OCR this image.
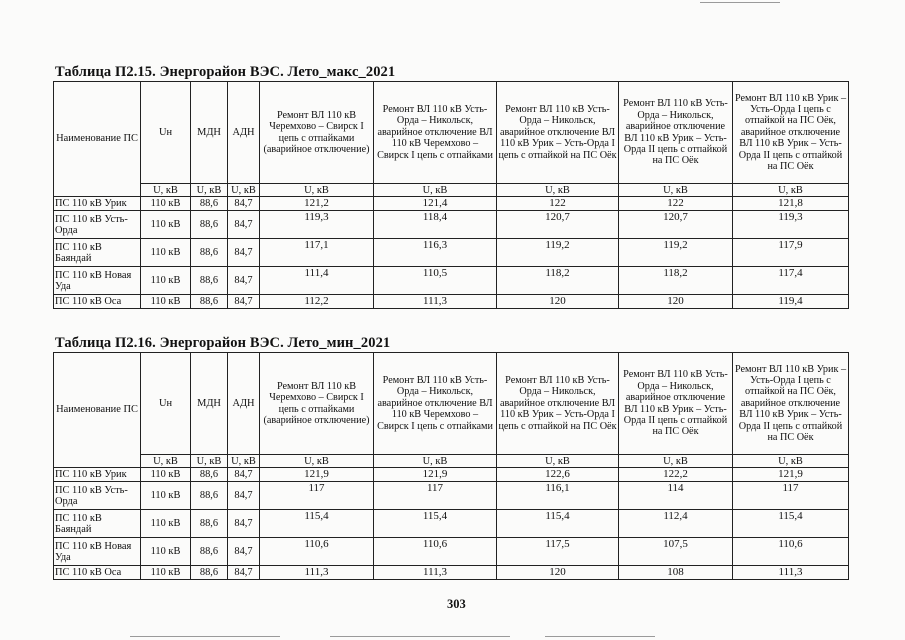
Таблица П2.15. Энергорайон ВЭС. Лето_макс_2021
Наименование ПС	Uн	МДН	АДН	Ремонт ВЛ 110 кВ Черемхово – Свирск I цепь с отпайками (аварийное отключение)	Ремонт ВЛ 110 кВ Усть-Орда – Никольск, аварийное отключение ВЛ 110 кВ Черемхово – Свирск I цепь с отпайками	Ремонт ВЛ 110 кВ Усть-Орда – Никольск, аварийное отключение ВЛ 110 кВ Урик – Усть-Орда I цепь с отпайкой на ПС Оёк	Ремонт ВЛ 110 кВ Усть-Орда – Никольск, аварийное отключение ВЛ 110 кВ Урик – Усть-Орда II цепь с отпайкой на ПС Оёк	Ремонт ВЛ 110 кВ Урик – Усть-Орда I цепь с отпайкой на ПС Оёк, аварийное отключение ВЛ 110 кВ Урик – Усть-Орда II цепь с отпайкой на ПС Оёк
	U, кВ	U, кВ	U, кВ	U, кВ	U, кВ	U, кВ	U, кВ	U, кВ
ПС 110 кВ Урик	110 кВ	88,6	84,7	121,2	121,4	122	122	121,8
ПС 110 кВ Усть-Орда	110 кВ	88,6	84,7	119,3	118,4	120,7	120,7	119,3
ПС 110 кВ Баяндай	110 кВ	88,6	84,7	117,1	116,3	119,2	119,2	117,9
ПС 110 кВ Новая Уда	110 кВ	88,6	84,7	111,4	110,5	118,2	118,2	117,4
ПС 110 кВ Оса	110 кВ	88,6	84,7	112,2	111,3	120	120	119,4
Таблица П2.16. Энергорайон ВЭС. Лето_мин_2021
Наименование ПС	Uн	МДН	АДН	Ремонт ВЛ 110 кВ Черемхово – Свирск I цепь с отпайками (аварийное отключение)	Ремонт ВЛ 110 кВ Усть-Орда – Никольск, аварийное отключение ВЛ 110 кВ Черемхово – Свирск I цепь с отпайками	Ремонт ВЛ 110 кВ Усть-Орда – Никольск, аварийное отключение ВЛ 110 кВ Урик – Усть-Орда I цепь с отпайкой на ПС Оёк	Ремонт ВЛ 110 кВ Усть-Орда – Никольск, аварийное отключение ВЛ 110 кВ Урик – Усть-Орда II цепь с отпайкой на ПС Оёк	Ремонт ВЛ 110 кВ Урик – Усть-Орда I цепь с отпайкой на ПС Оёк, аварийное отключение ВЛ 110 кВ Урик – Усть-Орда II цепь с отпайкой на ПС Оёк
	U, кВ	U, кВ	U, кВ	U, кВ	U, кВ	U, кВ	U, кВ	U, кВ
ПС 110 кВ Урик	110 кВ	88,6	84,7	121,9	121,9	122,6	122,2	121,9
ПС 110 кВ Усть-Орда	110 кВ	88,6	84,7	117	117	116,1	114	117
ПС 110 кВ Баяндай	110 кВ	88,6	84,7	115,4	115,4	115,4	112,4	115,4
ПС 110 кВ Новая Уда	110 кВ	88,6	84,7	110,6	110,6	117,5	107,5	110,6
ПС 110 кВ Оса	110 кВ	88,6	84,7	111,3	111,3	120	108	111,3
303
